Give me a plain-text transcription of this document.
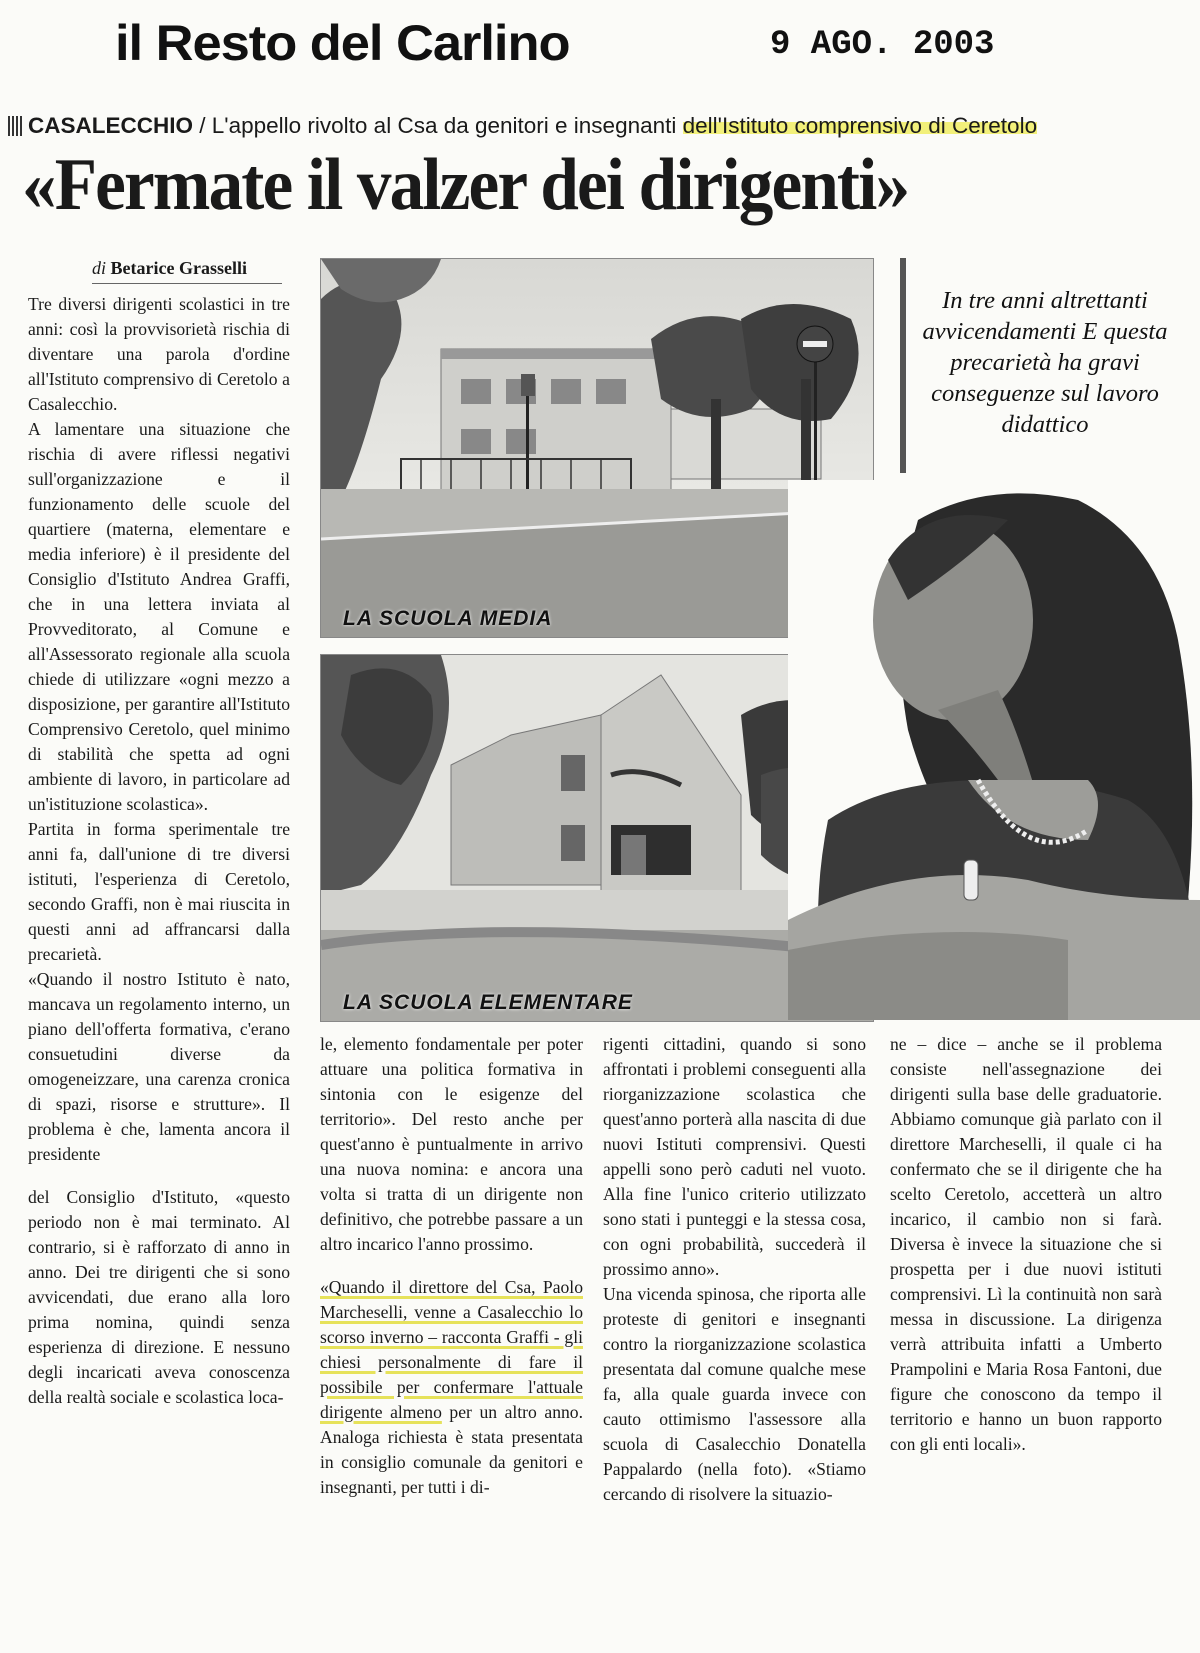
il Resto del Carlino	9 AGO. 2003
CASALECCHIO / L'appello rivolto al Csa da genitori e insegnanti dell'Istituto comprensivo di Ceretolo
«Fermate il valzer dei dirigenti»
di Betarice Grasselli

Tre diversi dirigenti scolastici in tre anni: così la provvisorietà rischia di diventare una parola d'ordine all'Istituto comprensivo di Ceretolo a Casalecchio.

A lamentare una situazione che rischia di avere riflessi negativi sull'organizzazione e il funzionamento delle scuole del quartiere (materna, elementare e media inferiore) è il presidente del Consiglio d'Istituto Andrea Graffi, che in una lettera inviata al Provveditorato, al Comune e all'Assessorato regionale alla scuola chiede di utilizzare «ogni mezzo a disposizione, per garantire all'Istituto Comprensivo Ceretolo, quel minimo di stabilità che spetta ad ogni ambiente di lavoro, in particolare ad un'istituzione scolastica».

Partita in forma sperimentale tre anni fa, dall'unione di tre diversi istituti, l'esperienza di Ceretolo, secondo Graffi, non è mai riuscita in questi anni ad affrancarsi dalla precarietà.

«Quando il nostro Istituto è nato, mancava un regolamento interno, un piano dell'offerta formativa, c'erano consuetudini diverse da omogeneizzare, una carenza cronica di spazi, risorse e strutture». Il problema è che, lamenta ancora il presidente

del Consiglio d'Istituto, «questo periodo non è mai terminato. Al contrario, si è rafforzato di anno in anno. Dei tre dirigenti che si sono avvicendati, due erano alla loro prima nomina, quindi senza esperienza di direzione. E nessuno degli incaricati aveva conoscenza della realtà sociale e scolastica loca-

LA SCUOLA MEDIA
LA SCUOLA ELEMENTARE
In tre anni altrettanti avvicendamenti E questa precarietà ha gravi conseguenze sul lavoro didattico

le, elemento fondamentale per poter attuare una politica formativa in sintonia con le esigenze del territorio». Del resto anche per quest'anno è puntualmente in arrivo una nuova nomina: e ancora una volta si tratta di un dirigente non definitivo, che potrebbe passare a un altro incarico l'anno prossimo.

«Quando il direttore del Csa, Paolo Marcheselli, venne a Casalecchio lo scorso inverno – racconta Graffi - gli chiesi personalmente di fare il possibile per confermare l'attuale dirigente almeno per un altro anno. Analoga richiesta è stata presentata in consiglio comunale da genitori e insegnanti, per tutti i di-

rigenti cittadini, quando si sono affrontati i problemi conseguenti alla riorganizzazione scolastica che quest'anno porterà alla nascita di due nuovi Istituti comprensivi. Questi appelli sono però caduti nel vuoto. Alla fine l'unico criterio utilizzato sono stati i punteggi e la stessa cosa, con ogni probabilità, succederà il prossimo anno».

Una vicenda spinosa, che riporta alle proteste di genitori e insegnanti contro la riorganizzazione scolastica presentata dal comune qualche mese fa, alla quale guarda invece con cauto ottimismo l'assessore alla scuola di Casalecchio Donatella Pappalardo (nella foto). «Stiamo cercando di risolvere la situazio-

ne – dice – anche se il problema consiste nell'assegnazione dei dirigenti sulla base delle graduatorie. Abbiamo comunque già parlato con il direttore Marcheselli, il quale ci ha confermato che se il dirigente che ha scelto Ceretolo, accetterà un altro incarico, il cambio non si farà. Diversa è invece la situazione che si prospetta per i due nuovi istituti comprensivi. Lì la continuità non sarà messa in discussione. La dirigenza verrà attribuita infatti a Umberto Prampolini e Maria Rosa Fantoni, due figure che conoscono da tempo il territorio e hanno un buon rapporto con gli enti locali».
